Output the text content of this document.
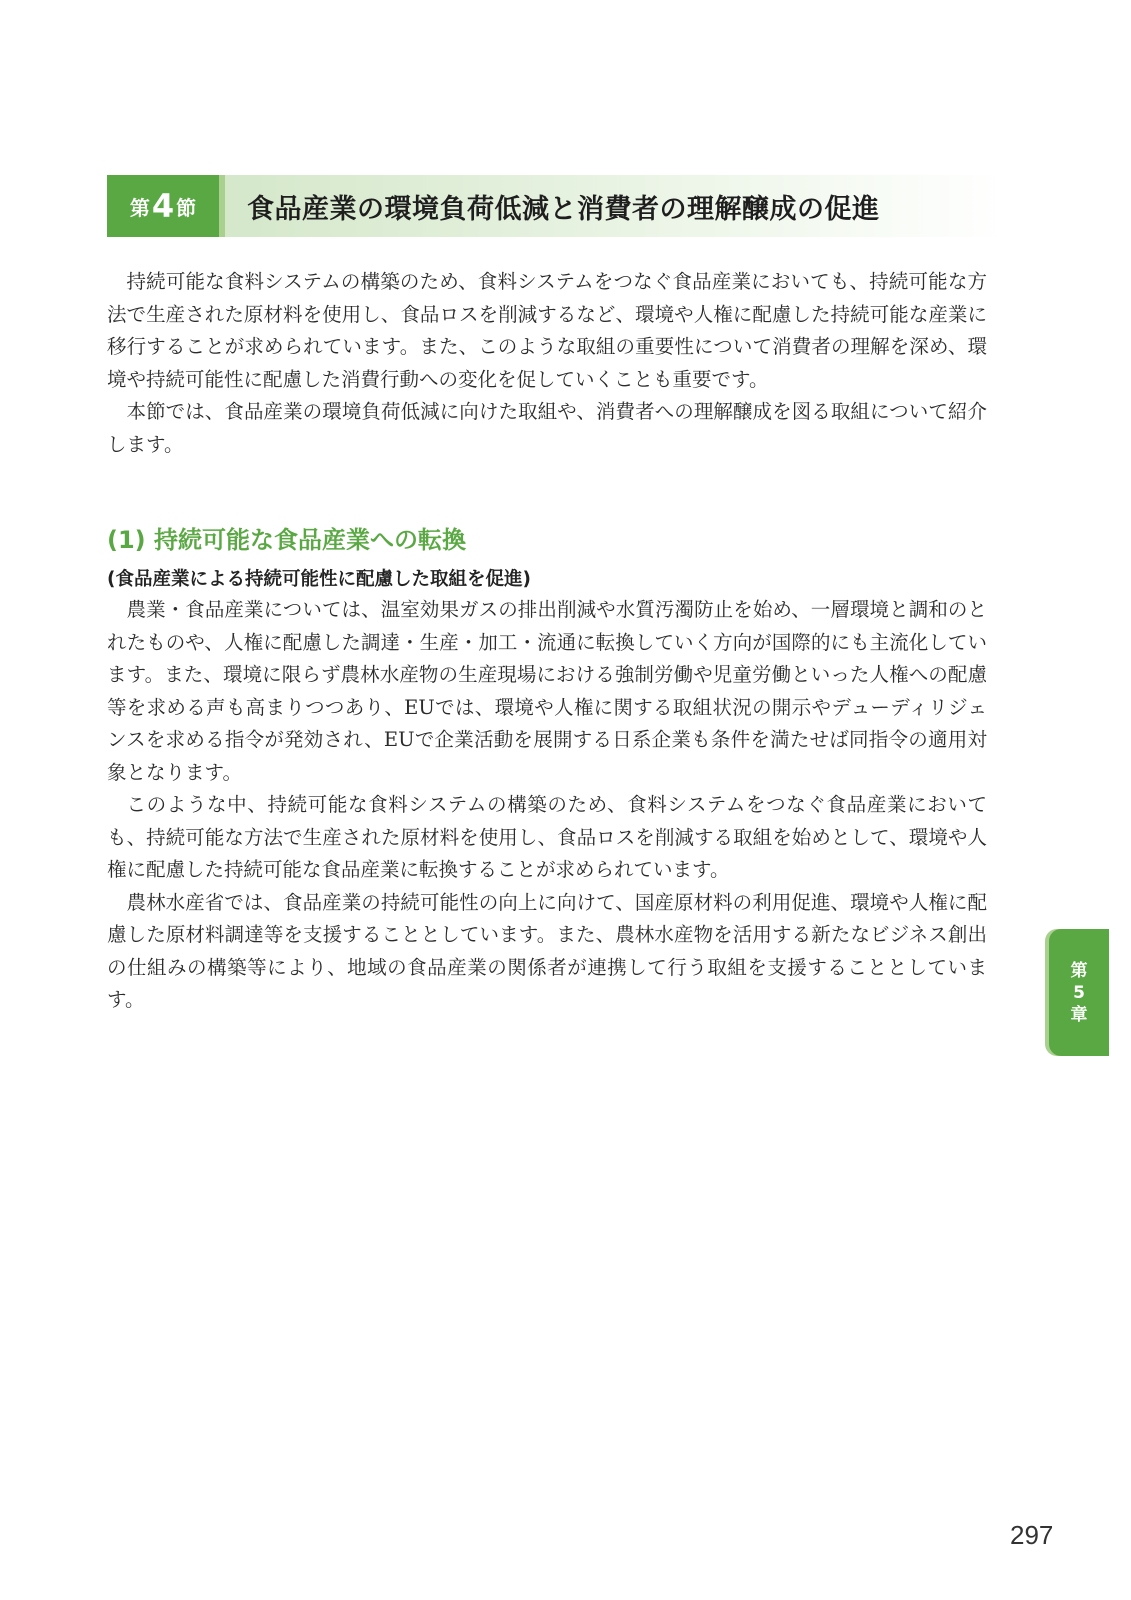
第 4 節	食品産業の環境負荷低減と消費者の理解醸成の促進

持続可能な食料システムの構築のため、食料システムをつなぐ食品産業においても、持続可能な方法で生産された原材料を使用し、食品ロスを削減するなど、環境や人権に配慮した持続可能な産業に移行することが求められています。また、このような取組の重要性について消費者の理解を深め、環境や持続可能性に配慮した消費行動への変化を促していくことも重要です。

本節では、食品産業の環境負荷低減に向けた取組や、消費者への理解醸成を図る取組について紹介します。

(1) 持続可能な食品産業への転換
(食品産業による持続可能性に配慮した取組を促進)

農業・食品産業については、温室効果ガスの排出削減や水質汚濁防止を始め、一層環境と調和のとれたものや、人権に配慮した調達・生産・加工・流通に転換していく方向が国際的にも主流化しています。また、環境に限らず農林水産物の生産現場における強制労働や児童労働といった人権への配慮等を求める声も高まりつつあり、EUでは、環境や人権に関する取組状況の開示やデューディリジェンスを求める指令が発効され、EUで企業活動を展開する日系企業も条件を満たせば同指令の適用対象となります。

このような中、持続可能な食料システムの構築のため、食料システムをつなぐ食品産業においても、持続可能な方法で生産された原材料を使用し、食品ロスを削減する取組を始めとして、環境や人権に配慮した持続可能な食品産業に転換することが求められています。

農林水産省では、食品産業の持続可能性の向上に向けて、国産原材料の利用促進、環境や人権に配慮した原材料調達等を支援することとしています。また、農林水産物を活用する新たなビジネス創出の仕組みの構築等により、地域の食品産業の関係者が連携して行う取組を支援することとしています。

第
5
章
297
